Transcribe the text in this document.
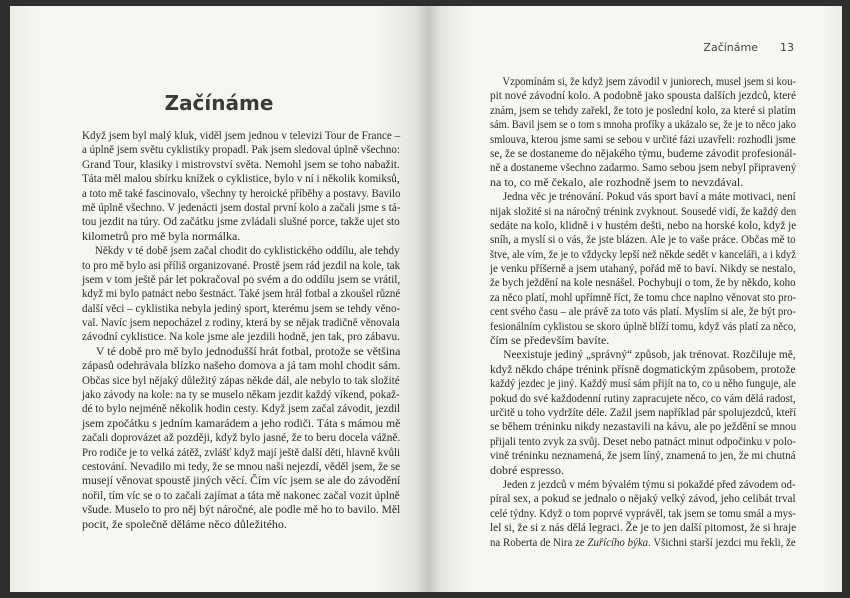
Začínáme
Když jsem byl malý kluk, viděl jsem jednou v televizi Tour de France –
a úplně jsem světu cyklistiky propadl. Pak jsem sledoval úplně všechno:
Grand Tour, klasiky i mistrovství světa. Nemohl jsem se toho nabažit.
Táta měl malou sbírku knížek o cyklistice, bylo v ní i několik komiksů,
a toto mě také fascinovalo, všechny ty heroické příběhy a postavy. Bavilo
mě úplně všechno. V jedenácti jsem dostal první kolo a začali jsme s tá-
tou jezdit na túry. Od začátku jsme zvládali slušné porce, takže ujet sto
kilometrů pro mě byla normálka.
Někdy v té době jsem začal chodit do cyklistického oddílu, ale tehdy
to pro mě bylo asi příliš organizované. Prostě jsem rád jezdil na kole, tak
jsem v tom ještě pár let pokračoval po svém a do oddílu jsem se vrátil,
když mi bylo patnáct nebo šestnáct. Také jsem hrál fotbal a zkoušel různé
další věci – cyklistika nebyla jediný sport, kterému jsem se tehdy věno-
val. Navíc jsem nepocházel z rodiny, která by se nějak tradičně věnovala
závodní cyklistice. Na kole jsme ale jezdili hodně, jen tak, pro zábavu.
V té době pro mě bylo jednodušší hrát fotbal, protože se většina
zápasů odehrávala blízko našeho domova a já tam mohl chodit sám.
Občas sice byl nějaký důležitý zápas někde dál, ale nebylo to tak složité
jako závody na kole: na ty se muselo někam jezdit každý víkend, pokaž-
dé to bylo nejméně několik hodin cesty. Když jsem začal závodit, jezdil
jsem zpočátku s jedním kamarádem a jeho rodiči. Táta s mámou mě
začali doprovázet až později, když bylo jasné, že to beru docela vážně.
Pro rodiče je to velká zátěž, zvlášť když mají ještě další děti, hlavně kvůli
cestování. Nevadilo mi tedy, že se mnou naši nejezdí, věděl jsem, že se
musejí věnovat spoustě jiných věcí. Čím víc jsem se ale do závodění
nořil, tím víc se o to začali zajímat a táta mě nakonec začal vozit úplně
všude. Muselo to pro něj být náročné, ale podle mě ho to bavilo. Měl
pocit, že společně děláme něco důležitého.
Začínáme 13
Vzpomínám si, že když jsem závodil v juniorech, musel jsem si kou-
pit nové závodní kolo. A podobně jako spousta dalších jezdců, které
znám, jsem se tehdy zařekl, že toto je poslední kolo, za které si platím
sám. Bavil jsem se o tom s mnoha profíky a ukázalo se, že je to něco jako
smlouva, kterou jsme sami se sebou v určité fázi uzavřeli: rozhodli jsme
se, že se dostaneme do nějakého týmu, budeme závodit profesionál-
ně a dostaneme všechno zadarmo. Samo sebou jsem nebyl připravený
na to, co mě čekalo, ale rozhodně jsem to nevzdával.
Jedna věc je trénování. Pokud vás sport baví a máte motivaci, není
nijak složité si na náročný trénink zvyknout. Sousedé vidí, že každý den
sedáte na kolo, klidně i v hustém dešti, nebo na horské kolo, když je
sníh, a myslí si o vás, že jste blázen. Ale je to vaše práce. Občas mě to
štve, ale vím, že je to vždycky lepší než někde sedět v kanceláři, a i když
je venku příšerně a jsem utahaný, pořád mě to baví. Nikdy se nestalo,
že bych ježdění na kole nesnášel. Pochybuji o tom, že by někdo, koho
za něco platí, mohl upřímně říct, že tomu chce naplno věnovat sto pro-
cent svého času – ale právě za toto vás platí. Myslím si ale, že být pro-
fesionálním cyklistou se skoro úplně blíží tomu, když vás platí za něco,
čím se především bavíte.
Neexistuje jediný „správný“ způsob, jak trénovat. Rozčiluje mě,
když někdo chápe trénink přísně dogmatickým způsobem, protože
každý jezdec je jiný. Každý musí sám přijít na to, co u něho funguje, ale
pokud do své každodenní rutiny zapracujete něco, co vám dělá radost,
určitě u toho vydržíte déle. Zažil jsem například pár spolujezdců, kteří
se během tréninku nikdy nezastavili na kávu, ale po ježdění se mnou
přijali tento zvyk za svůj. Deset nebo patnáct minut odpočinku v polo-
vině tréninku neznamená, že jsem líný, znamená to jen, že mi chutná
dobré espresso.
Jeden z jezdců v mém bývalém týmu si pokaždé před závodem od-
píral sex, a pokud se jednalo o nějaký velký závod, jeho celibát trval
celé týdny. Když o tom poprvé vyprávěl, tak jsem se tomu smál a mys-
lel si, že si z nás dělá legraci. Že je to jen další pitomost, že si hraje
na Roberta de Nira ze Zuřícího býka. Všichni starší jezdci mu řekli, že
